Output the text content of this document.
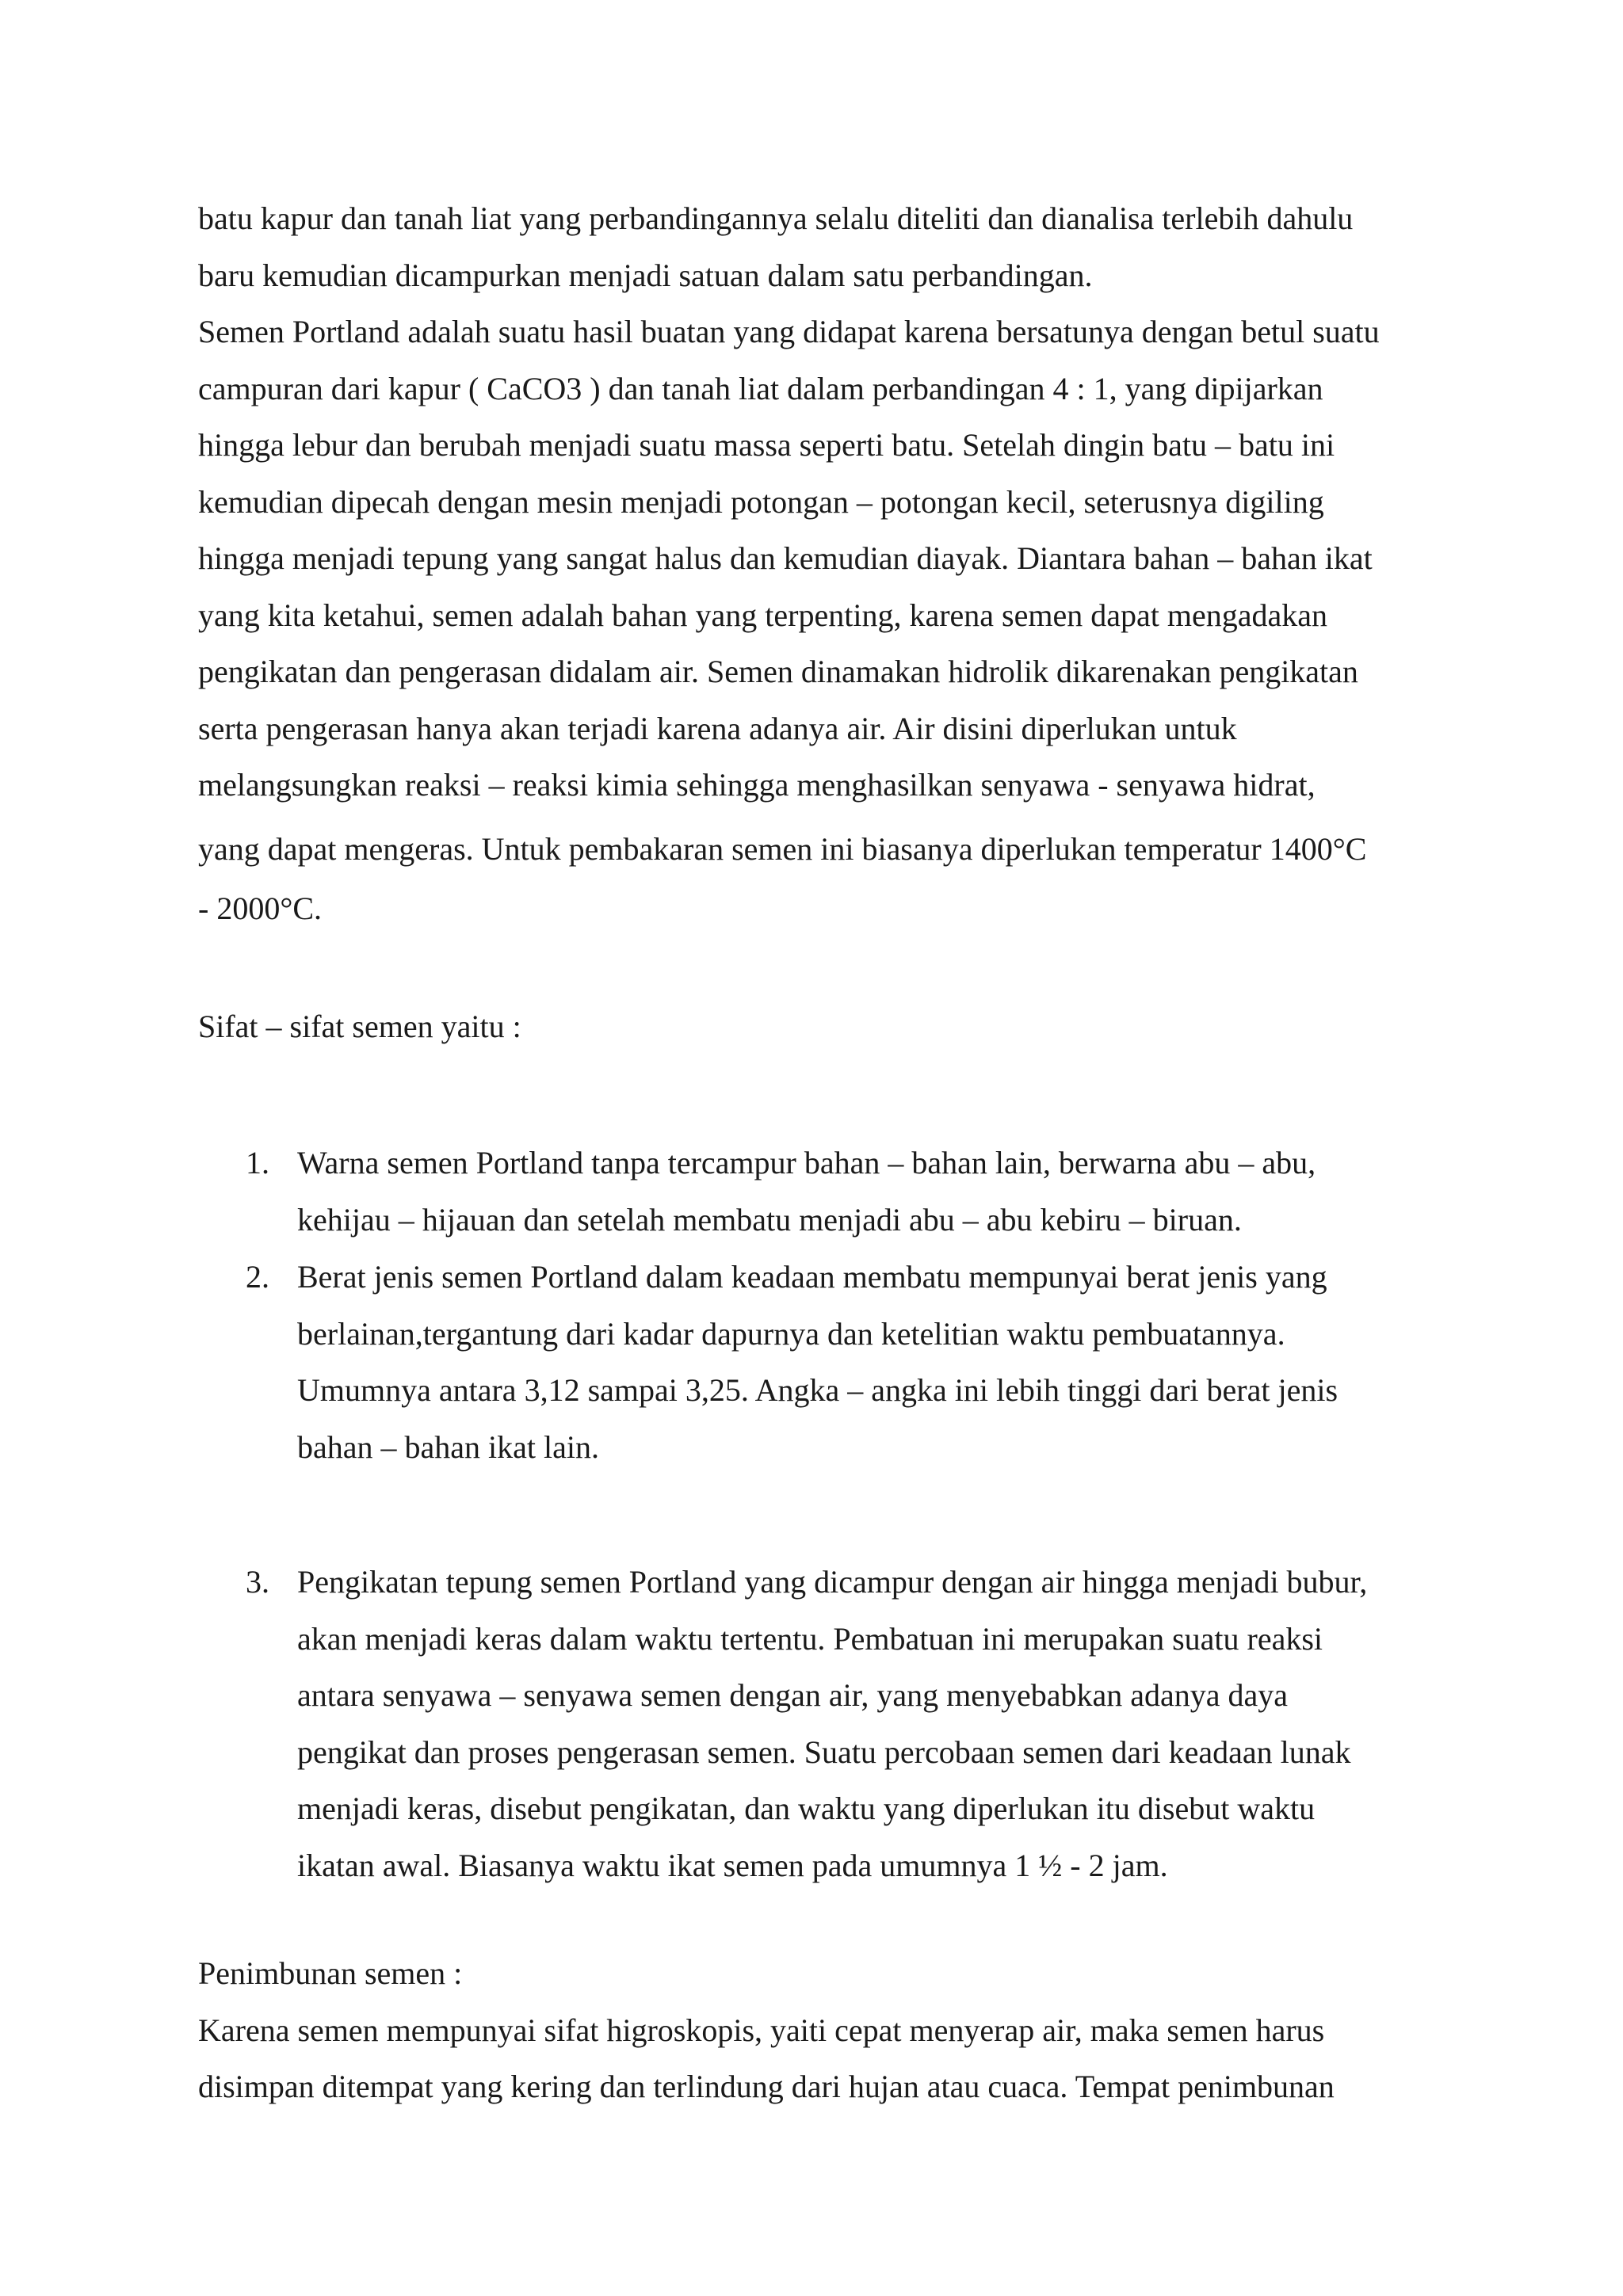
batu kapur dan tanah liat yang perbandingannya selalu diteliti dan dianalisa terlebih dahulu
baru kemudian dicampurkan menjadi satuan dalam satu perbandingan.
Semen Portland adalah suatu hasil buatan yang didapat karena bersatunya dengan betul suatu
campuran dari kapur ( CaCO3 ) dan tanah liat dalam perbandingan 4 : 1, yang dipijarkan
hingga lebur dan berubah menjadi suatu massa seperti batu. Setelah dingin batu – batu ini
kemudian dipecah dengan mesin menjadi potongan – potongan kecil, seterusnya digiling
hingga menjadi tepung yang sangat halus dan kemudian diayak. Diantara bahan – bahan ikat
yang kita ketahui, semen adalah bahan yang terpenting, karena semen dapat mengadakan
pengikatan dan pengerasan didalam air. Semen dinamakan hidrolik dikarenakan pengikatan
serta pengerasan hanya akan terjadi karena adanya air. Air disini diperlukan untuk
melangsungkan reaksi – reaksi kimia sehingga menghasilkan senyawa - senyawa hidrat,
yang dapat mengeras. Untuk pembakaran semen ini biasanya diperlukan temperatur 1400°C
- 2000°C.
Sifat – sifat semen yaitu :
1. Warna semen Portland tanpa tercampur bahan – bahan lain, berwarna abu – abu,
kehijau – hijauan dan setelah membatu menjadi abu – abu kebiru – biruan.
2. Berat jenis semen Portland dalam keadaan membatu mempunyai berat jenis yang
berlainan,tergantung dari kadar dapurnya dan ketelitian waktu pembuatannya.
Umumnya antara 3,12 sampai 3,25. Angka – angka ini lebih tinggi dari berat jenis
bahan – bahan ikat lain.
3. Pengikatan tepung semen Portland yang dicampur dengan air hingga menjadi bubur,
akan menjadi keras dalam waktu tertentu. Pembatuan ini merupakan suatu reaksi
antara senyawa – senyawa semen dengan air, yang menyebabkan adanya daya
pengikat dan proses pengerasan semen. Suatu percobaan semen dari keadaan lunak
menjadi keras, disebut pengikatan, dan waktu yang diperlukan itu disebut waktu
ikatan awal. Biasanya waktu ikat semen pada umumnya 1 ½ - 2 jam.
Penimbunan semen :
Karena semen mempunyai sifat higroskopis, yaiti cepat menyerap air, maka semen harus
disimpan ditempat yang kering dan terlindung dari hujan atau cuaca. Tempat penimbunan
